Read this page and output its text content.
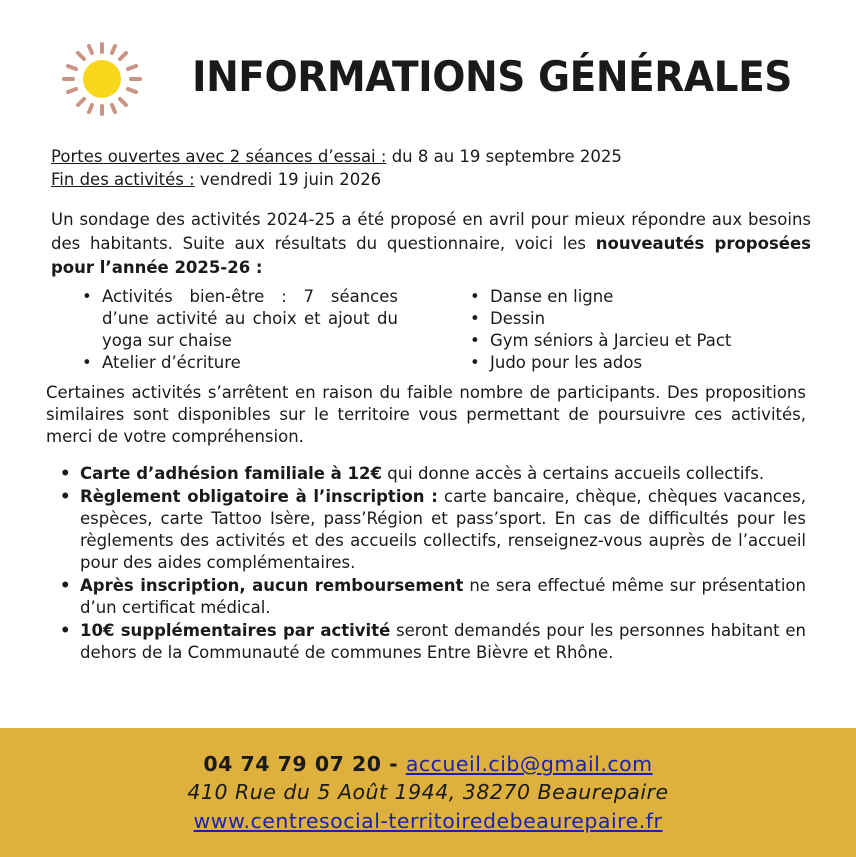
INFORMATIONS GÉNÉRALES
Portes ouvertes avec 2 séances d’essai : du 8 au 19 septembre 2025
Fin des activités : vendredi 19 juin 2026

Un sondage des activités 2024-25 a été proposé en avril pour mieux répondre aux besoins des habitants. Suite aux résultats du questionnaire, voici les nouveautés proposées pour l’année 2025-26 :

• Activités bien-être : 7 séances d’une activité au choix et ajout du yoga sur chaise
• Atelier d’écriture
• Danse en ligne
• Dessin
• Gym séniors à Jarcieu et Pact
• Judo pour les ados

Certaines activités s’arrêtent en raison du faible nombre de participants. Des propositions similaires sont disponibles sur le territoire vous permettant de poursuivre ces activités, merci de votre compréhension.

• Carte d’adhésion familiale à 12€ qui donne accès à certains accueils collectifs.
• Règlement obligatoire à l’inscription : carte bancaire, chèque, chèques vacances, espèces, carte Tattoo Isère, pass’Région et pass’sport. En cas de difficultés pour les règlements des activités et des accueils collectifs, renseignez-vous auprès de l’accueil pour des aides complémentaires.
• Après inscription, aucun remboursement ne sera effectué même sur présentation d’un certificat médical.
• 10€ supplémentaires par activité seront demandés pour les personnes habitant en dehors de la Communauté de communes Entre Bièvre et Rhône.
04 74 79 07 20 - accueil.cib@gmail.com
410 Rue du 5 Août 1944, 38270 Beaurepaire
www.centresocial-territoiredebeaurepaire.fr
